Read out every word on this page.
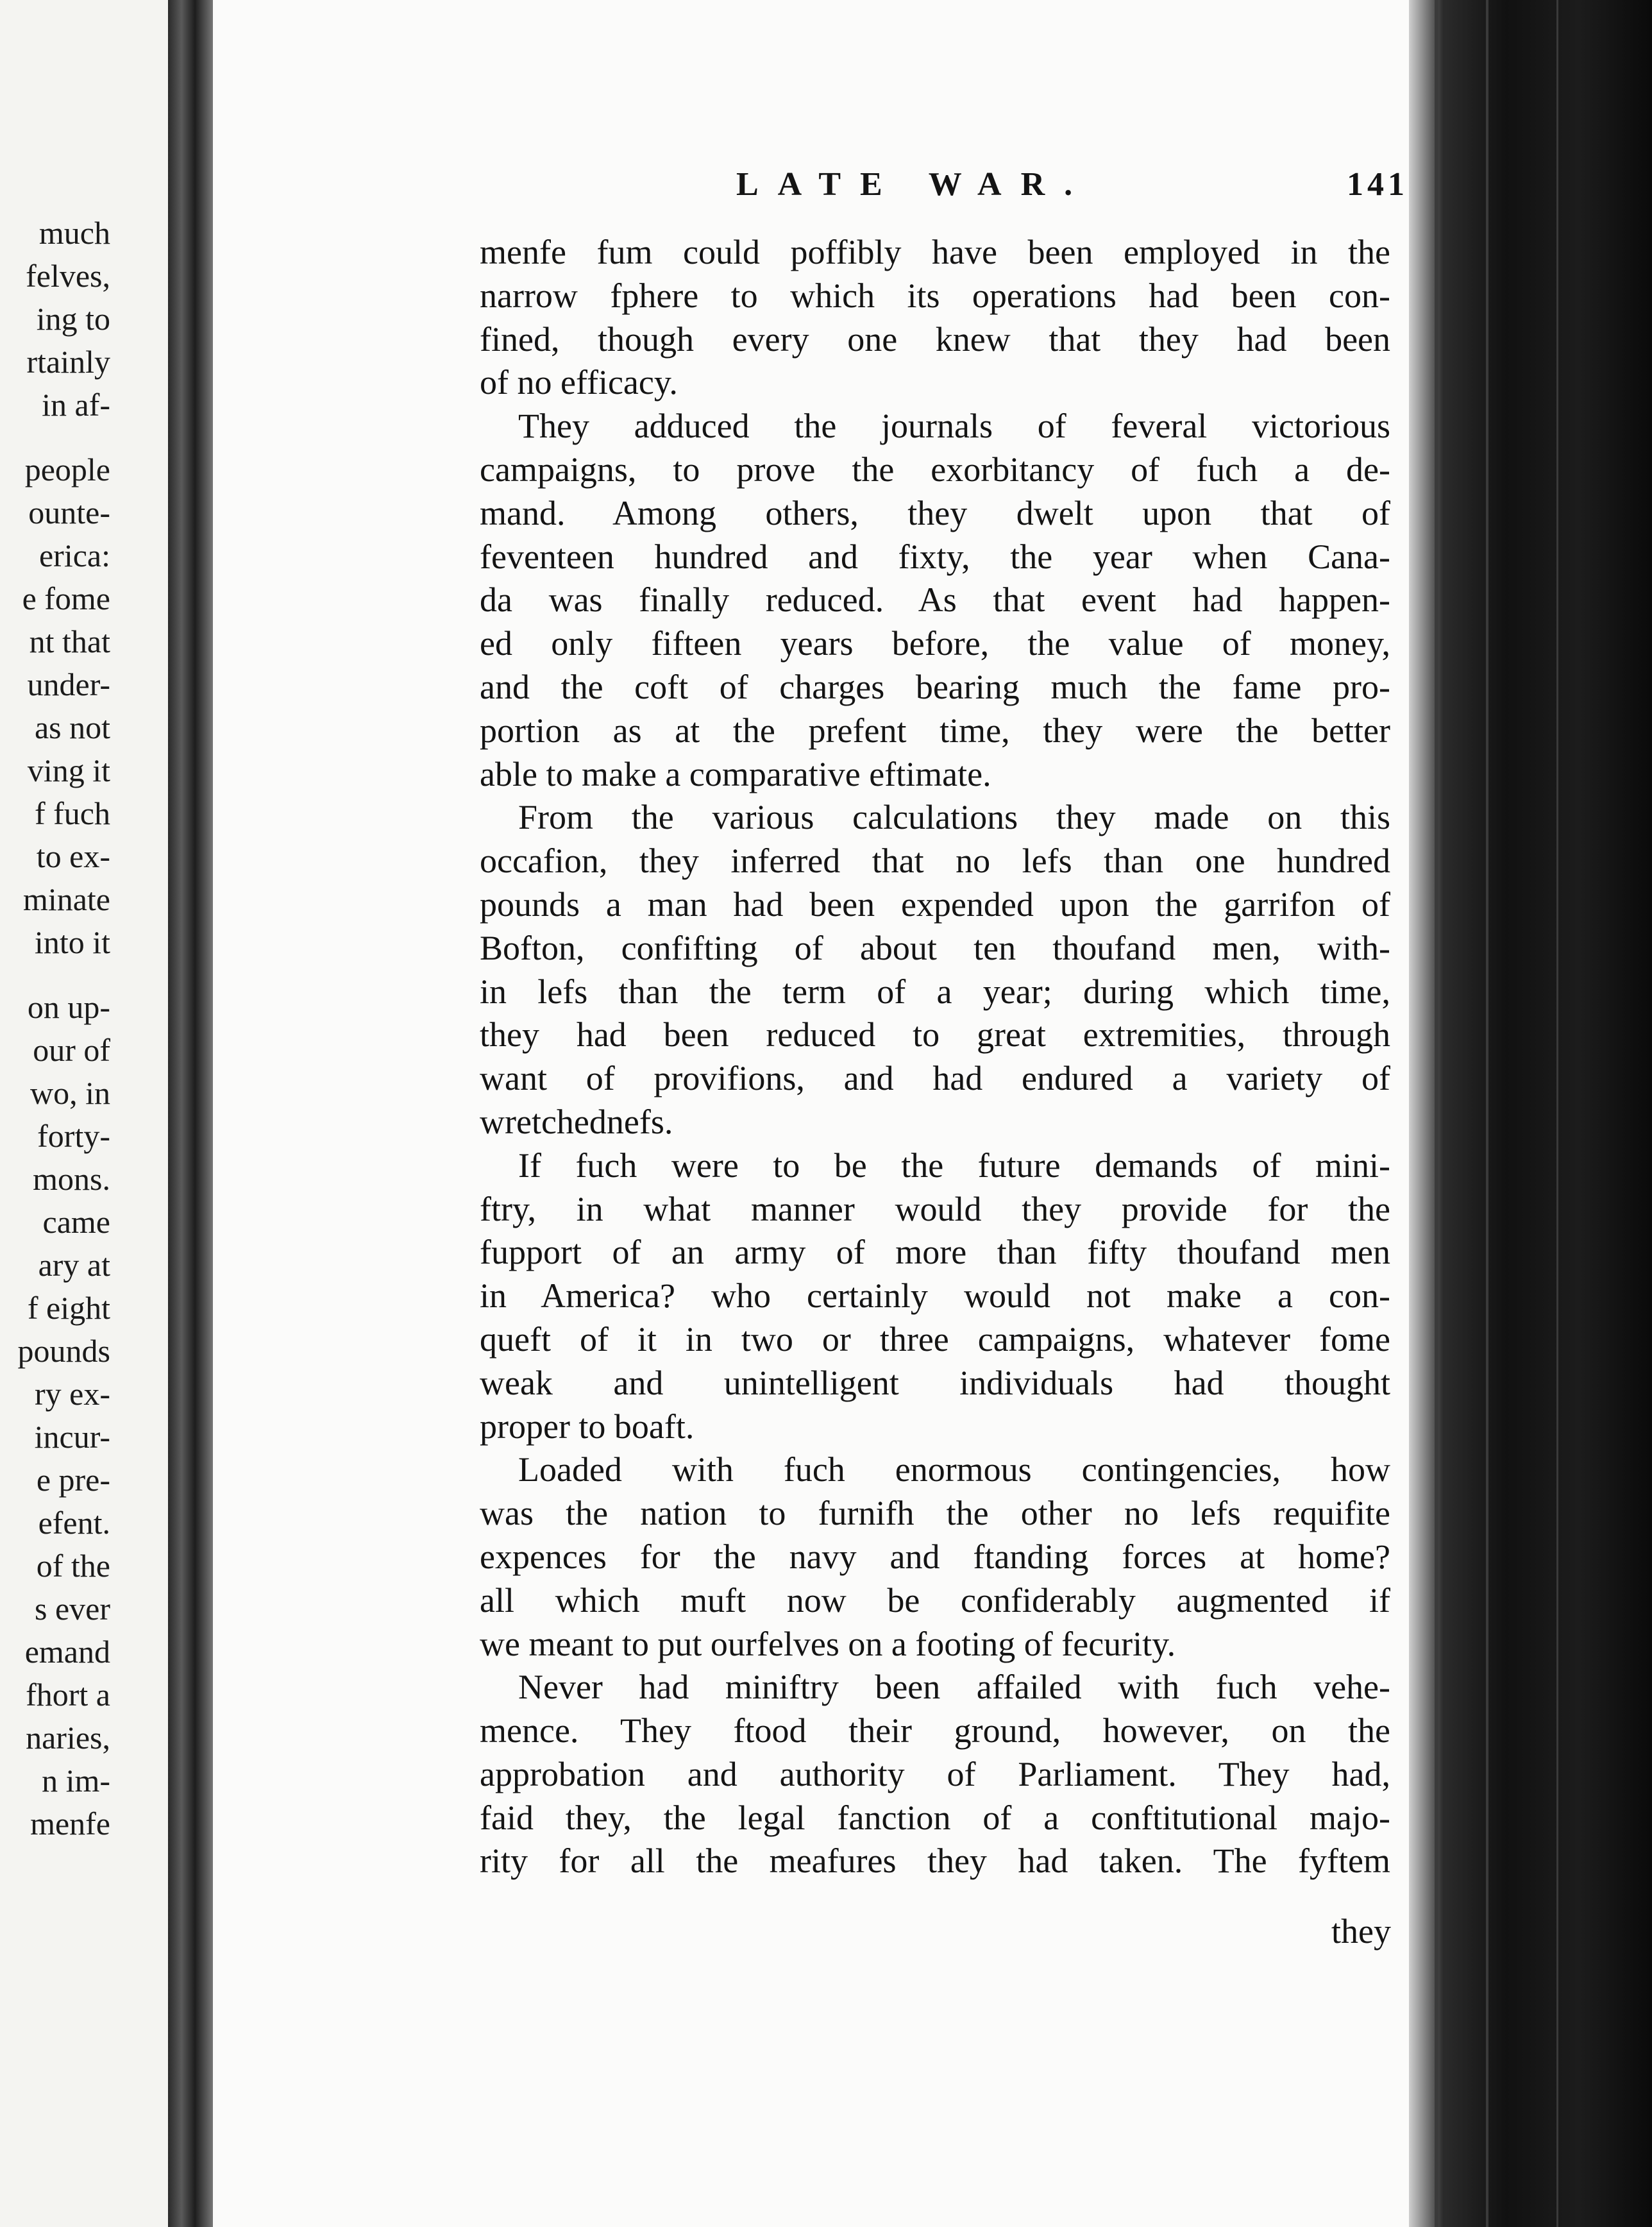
much
felves,
ing to
rtainly
in af-
people
ounte-
erica:
e fome
nt that
under-
as not
ving it
f fuch
to ex-
minate
into it
on up-
our of
wo, in
forty-
mons.
came
ary at
f eight
pounds
ry ex-
incur-
e pre-
efent.
of the
s ever
emand
fhort a
naries,
n im-
menfe
LATE WAR.	141
menfe fum could poffibly have been employed in the
narrow fphere to which its operations had been con-
fined, though every one knew that they had been
of no efficacy.
They adduced the journals of feveral victorious
campaigns, to prove the exorbitancy of fuch a de-
mand. Among others, they dwelt upon that of
feventeen hundred and fixty, the year when Cana-
da was finally reduced. As that event had happen-
ed only fifteen years before, the value of money,
and the coft of charges bearing much the fame pro-
portion as at the prefent time, they were the better
able to make a comparative eftimate.
From the various calculations they made on this
occafion, they inferred that no lefs than one hundred
pounds a man had been expended upon the garrifon of
Bofton, confifting of about ten thoufand men, with-
in lefs than the term of a year; during which time,
they had been reduced to great extremities, through
want of provifions, and had endured a variety of
wretchednefs.
If fuch were to be the future demands of mini-
ftry, in what manner would they provide for the
fupport of an army of more than fifty thoufand men
in America? who certainly would not make a con-
queft of it in two or three campaigns, whatever fome
weak and unintelligent individuals had thought
proper to boaft.
Loaded with fuch enormous contingencies, how
was the nation to furnifh the other no lefs requifite
expences for the navy and ftanding forces at home?
all which muft now be confiderably augmented if
we meant to put ourfelves on a footing of fecurity.
Never had miniftry been affailed with fuch vehe-
mence. They ftood their ground, however, on the
approbation and authority of Parliament. They had,
faid they, the legal fanction of a conftitutional majo-
rity for all the meafures they had taken. The fyftem
they
